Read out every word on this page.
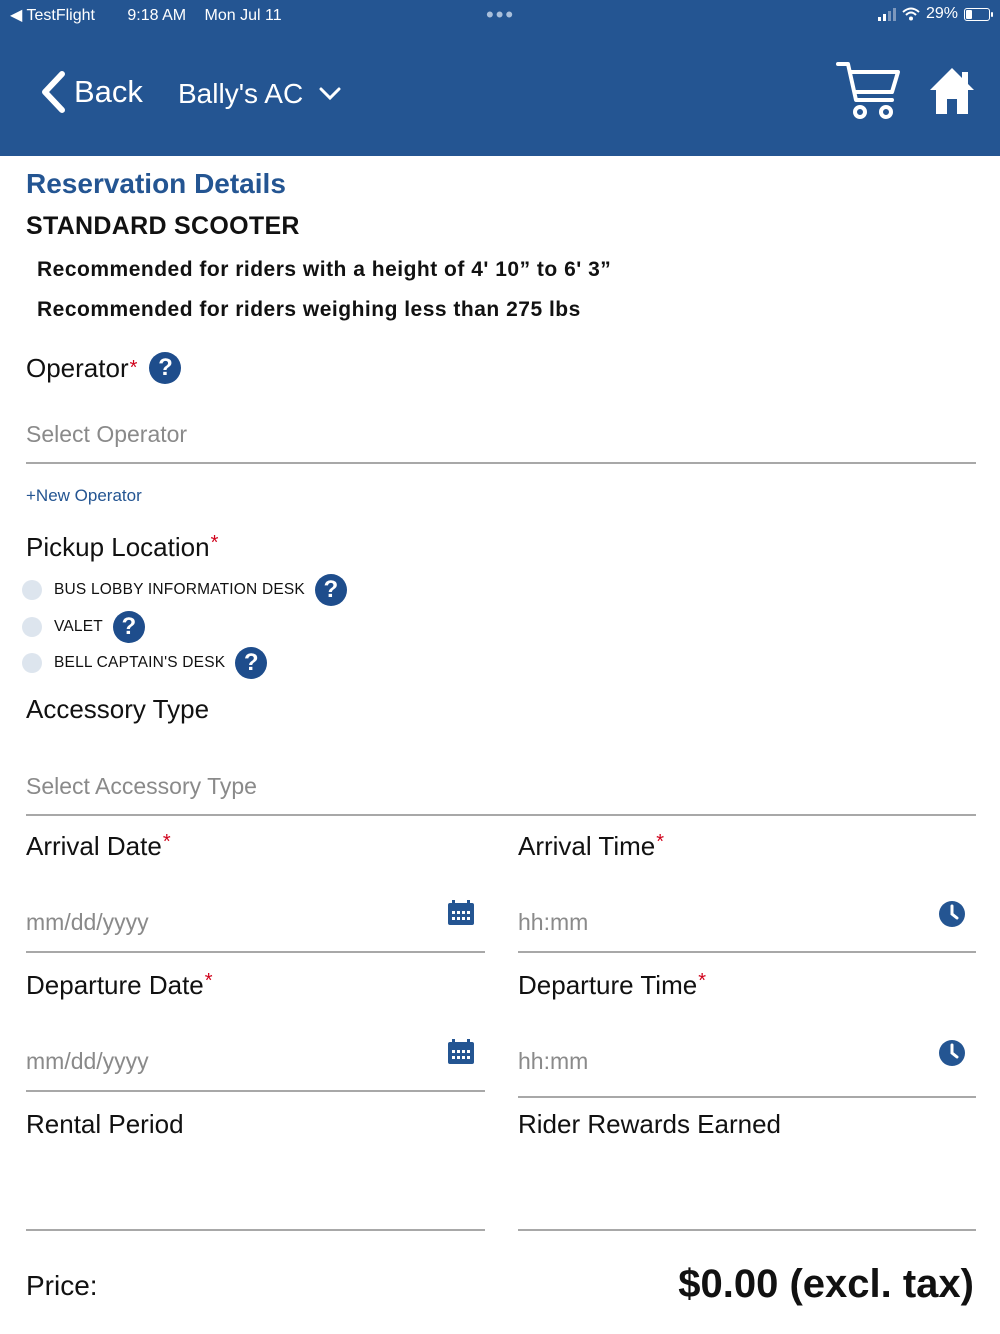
◀ TestFlight 9:18 AM Mon Jul 11	•••	29%
Back Bally's AC
Reservation Details
STANDARD SCOOTER
Recommended for riders with a height of 4' 10” to 6' 3”
Recommended for riders weighing less than 275 lbs
Operator * ?
Select Operator
+New Operator
Pickup Location*
BUS LOBBY INFORMATION DESK ?
VALET ?
BELL CAPTAIN'S DESK ?
Accessory Type
Select Accessory Type
Arrival Date*
mm/dd/yyyy
Arrival Time*
hh:mm
Departure Date*
mm/dd/yyyy
Departure Time*
hh:mm
Rental Period	Rider Rewards Earned
Price:	$0.00 (excl. tax)
